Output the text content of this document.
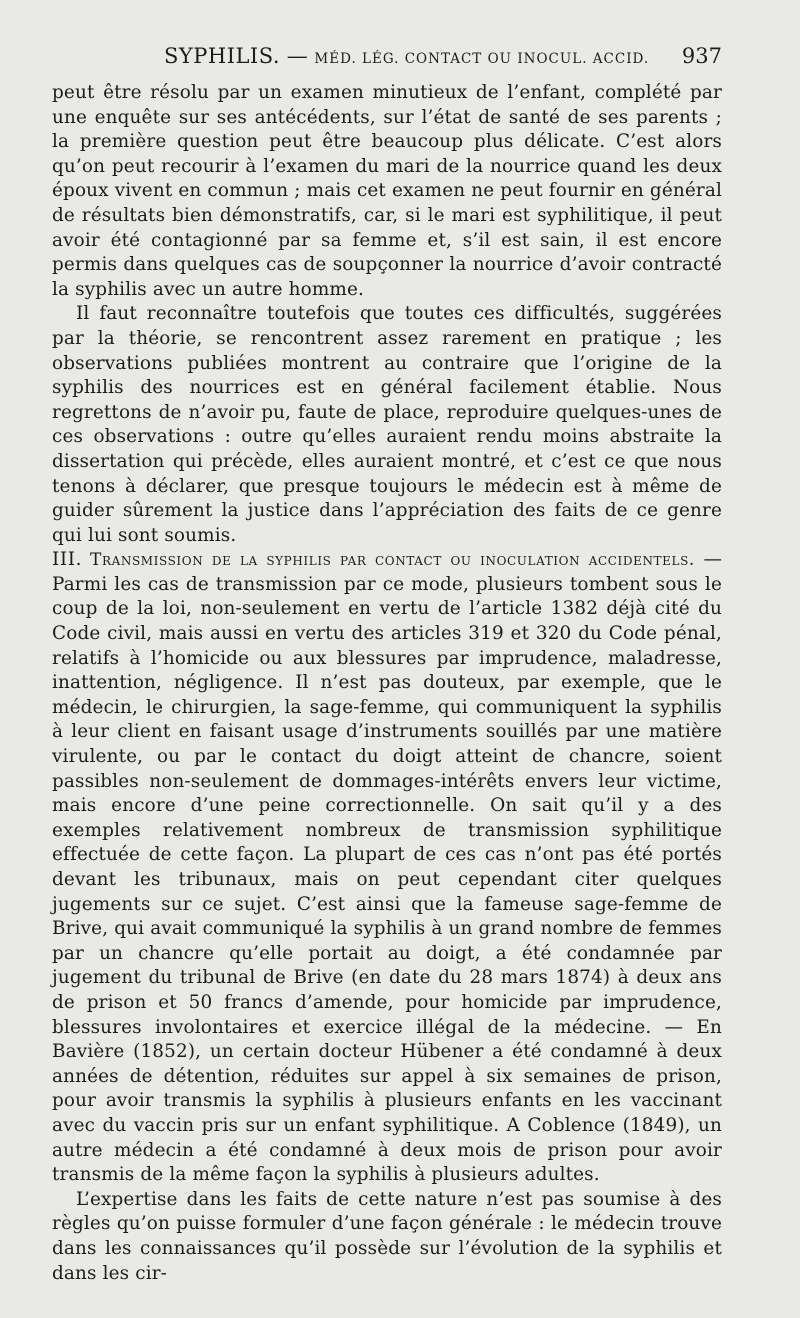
SYPHILIS. — MÉD. LÉG. CONTACT OU INOCUL. ACCID. 937

peut être résolu par un examen minutieux de l’enfant, complété par une enquête sur ses antécédents, sur l’état de santé de ses parents ; la première question peut être beaucoup plus délicate. C’est alors qu’on peut recourir à l’examen du mari de la nourrice quand les deux époux vivent en commun ; mais cet examen ne peut fournir en général de résultats bien démonstratifs, car, si le mari est syphilitique, il peut avoir été contagionné par sa femme et, s’il est sain, il est encore permis dans quelques cas de soupçonner la nourrice d’avoir contracté la syphilis avec un autre homme.

Il faut reconnaître toutefois que toutes ces difficultés, suggérées par la théorie, se rencontrent assez rarement en pratique ; les observations publiées montrent au contraire que l’origine de la syphilis des nourrices est en général facilement établie. Nous regrettons de n’avoir pu, faute de place, reproduire quelques-unes de ces observations : outre qu’elles auraient rendu moins abstraite la dissertation qui précède, elles auraient montré, et c’est ce que nous tenons à déclarer, que presque toujours le médecin est à même de guider sûrement la justice dans l’appréciation des faits de ce genre qui lui sont soumis.

III. Transmission de la syphilis par contact ou inoculation accidentels. — Parmi les cas de transmission par ce mode, plusieurs tombent sous le coup de la loi, non-seulement en vertu de l’article 1382 déjà cité du Code civil, mais aussi en vertu des articles 319 et 320 du Code pénal, relatifs à l’homicide ou aux blessures par imprudence, maladresse, inattention, négligence. Il n’est pas douteux, par exemple, que le médecin, le chirurgien, la sage-femme, qui communiquent la syphilis à leur client en faisant usage d’instruments souillés par une matière virulente, ou par le contact du doigt atteint de chancre, soient passibles non-seulement de dommages-intérêts envers leur victime, mais encore d’une peine correctionnelle. On sait qu’il y a des exemples relativement nombreux de transmission syphilitique effectuée de cette façon. La plupart de ces cas n’ont pas été portés devant les tribunaux, mais on peut cependant citer quelques jugements sur ce sujet. C’est ainsi que la fameuse sage-femme de Brive, qui avait communiqué la syphilis à un grand nombre de femmes par un chancre qu’elle portait au doigt, a été condamnée par jugement du tribunal de Brive (en date du 28 mars 1874) à deux ans de prison et 50 francs d’amende, pour homicide par imprudence, blessures involontaires et exercice illégal de la médecine. — En Bavière (1852), un certain docteur Hübener a été condamné à deux années de détention, réduites sur appel à six semaines de prison, pour avoir transmis la syphilis à plusieurs enfants en les vaccinant avec du vaccin pris sur un enfant syphilitique. A Coblence (1849), un autre médecin a été condamné à deux mois de prison pour avoir transmis de la même façon la syphilis à plusieurs adultes.

L’expertise dans les faits de cette nature n’est pas soumise à des règles qu’on puisse formuler d’une façon générale : le médecin trouve dans les connaissances qu’il possède sur l’évolution de la syphilis et dans les cir-
